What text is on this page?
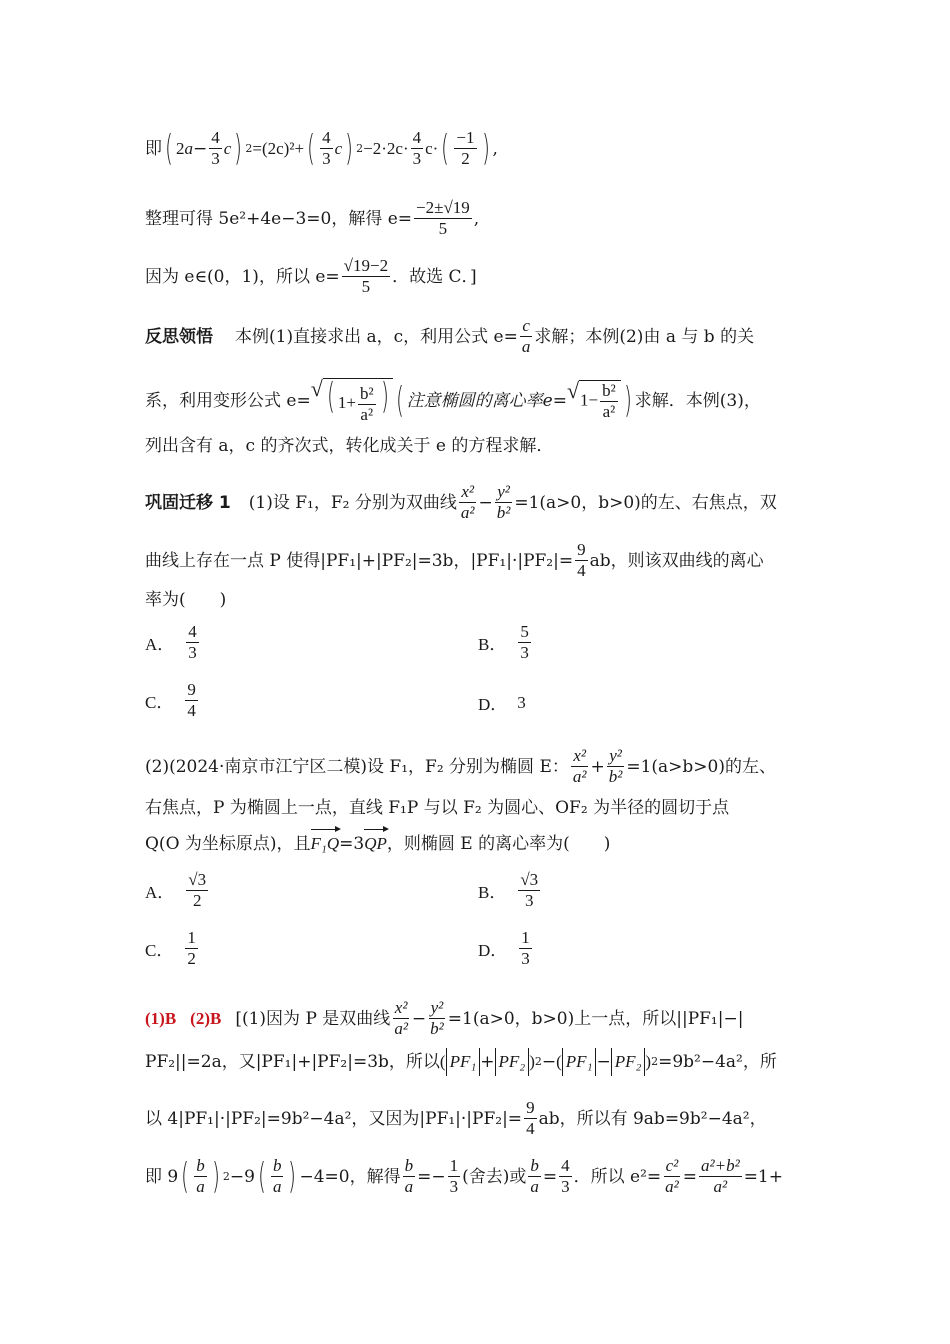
即 ( 2 $a - \frac{4}{3}$ c ) 2 =(2c)²+ ( $\frac{4}{3}$ c ) $2 -2\cdot 2c\cdot \frac{4}{3} c\cdot$ ( $\frac{-1}{2}$ ) ,
整理可得 5e²+4e−3=0，解得 $e= \frac{-2\pm√19}{5}$ ,
因为 e∈(0，1)，所以 $e= \frac{√19-2}{5}$ ．故选 C．]
反思领悟 本例(1)直接求出 a，c，利用公式 $e= \frac{c}{a}$ 求解；本例(2)由 a 与 b 的关
系，利用变形公式 e=
√ ( $1+ \frac{\text{b²}}{\text{a²}}$ ) ( 注意椭圆的离心率e= √ $1- \frac{\text{b²}}{\text{a²}}$ ) 求解．本例(3)，
列出含有 a，c 的齐次式，转化成关于 e 的方程求解．
巩固迁移 1 (1)设 F₁，F₂ 分别为双曲线 $\frac{\text{x²}}{\text{a²}} - \frac{\text{y²}}{\text{b²}} =1(a>0$，b>0)的左、右焦点，双
曲线上存在一点 P 使得|PF₁|+|PF₂|=3b，$|PF_1|\cdot|PF_2|= \frac{9}{4}$ ab，则该双曲线的离心
率为(　　)
A． $\frac{4}{3}$	B． $\frac{5}{3}$
C． $\frac{9}{4}$	D． 3
(2)(2024·南京市江宁区二模)设 F₁，F₂ 分别为椭圆 E： $\frac{\text{x²}}{\text{a²}} + \frac{\text{y²}}{\text{b²}} =1(a>b>0)$的左、
右焦点，P 为椭圆上一点，直线 F₁P 与以 F₂ 为圆心、OF₂ 为半径的圆切于点
Q(O 为坐标原点)，且 F₁Q =3 QP ，则椭圆 E 的离心率为(　　)
A． $\frac{√3}{2}$	B． $\frac{√3}{3}$
C． $\frac{1}{2}$	D． $\frac{1}{3}$
(1)B (2)B [(1)因为 P 是双曲线 $\frac{\text{x²}}{\text{a²}} - \frac{\text{y²}}{\text{b²}} =1(a>0$，b>0)上一点，所以||PF₁|−|
PF₂||=2a，又|PF₁|+|PF₂|=3b，所以 ( PF₁ + PF₂ ) 2 − ( PF₁ − PF₂ ) 2 =9b²−4a²，所
以 4|PF₁|·|PF₂|=9b²−4a²，又因为$|PF_1|\cdot|PF_2|= \frac{9}{4}$ ab，所以有 9ab=9b²−4a²，
即 9 ( $\frac{b}{a}$ ) 2 −9 ( $\frac{b}{a}$ ) −4=0，解得 $\frac{b}{a} =- \frac{1}{3}$ (舍去)或 $\frac{b}{a} = \frac{4}{3}$ ．所以 $e^2= \frac{\text{c²}}{\text{a²}} = \frac{\text{a²+b²}}{\text{a²}} =1+$
